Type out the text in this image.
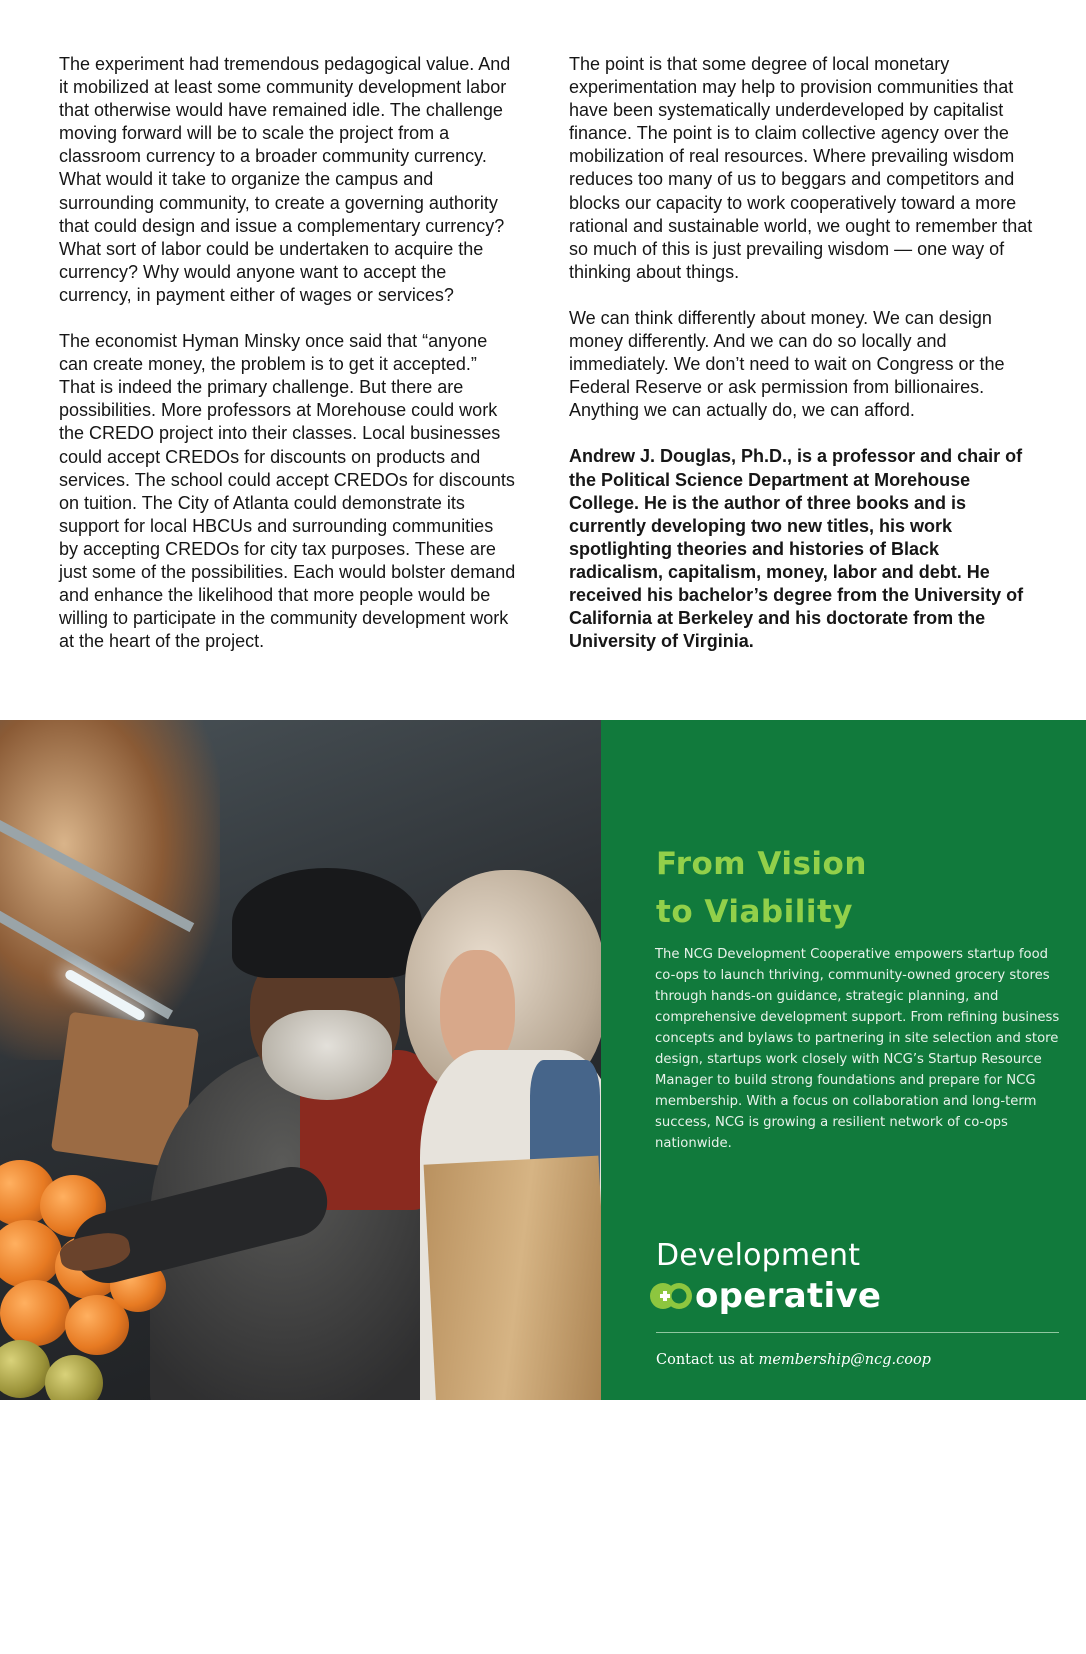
The experiment had tremendous pedagogical value. And it mobilized at least some community development labor that otherwise would have remained idle. The challenge moving forward will be to scale the project from a classroom currency to a broader community currency. What would it take to organize the campus and surrounding community, to create a governing authority that could design and issue a complementary currency? What sort of labor could be undertaken to acquire the currency? Why would anyone want to accept the currency, in payment either of wages or services?

The economist Hyman Minsky once said that “anyone can create money, the problem is to get it accepted.” That is indeed the primary challenge. But there are possibilities. More professors at Morehouse could work the CREDO project into their classes. Local businesses could accept CREDOs for discounts on products and services. The school could accept CREDOs for discounts on tuition. The City of Atlanta could demonstrate its support for local HBCUs and surrounding communities by accepting CREDOs for city tax purposes. These are just some of the possibilities. Each would bolster demand and enhance the likelihood that more people would be willing to participate in the community development work at the heart of the project.

The point is that some degree of local monetary experimentation may help to provision communities that have been systematically underdeveloped by capitalist finance. The point is to claim collective agency over the mobilization of real resources. Where prevailing wisdom reduces too many of us to beggars and competitors and blocks our capacity to work cooperatively toward a more rational and sustainable world, we ought to remember that so much of this is just prevailing wisdom — one way of thinking about things.

We can think differently about money. We can design money differently. And we can do so locally and immediately. We don’t need to wait on Congress or the Federal Reserve or ask permission from billionaires. Anything we can actually do, we can afford.

Andrew J. Douglas, Ph.D., is a professor and chair of the Political Science Department at Morehouse College. He is the author of three books and is currently developing two new titles, his work spotlighting theories and histories of Black radicalism, capitalism, money, labor and debt. He received his bachelor’s degree from the University of California at Berkeley and his doctorate from the University of Virginia.

From Vision
to Viability

The NCG Development Cooperative empowers startup food co-ops to launch thriving, community-owned grocery stores through hands-on guidance, strategic planning, and comprehensive development support. From refining business concepts and bylaws to partnering in site selection and store design, startups work closely with NCG’s Startup Resource Manager to build strong foundations and prepare for NCG membership. With a focus on collaboration and long-term success, NCG is growing a resilient network of co-ops nationwide.

Development
operative
Contact us at membership@ncg.coop
34 THE COLLECTIVE • NOVEMBER 2025
